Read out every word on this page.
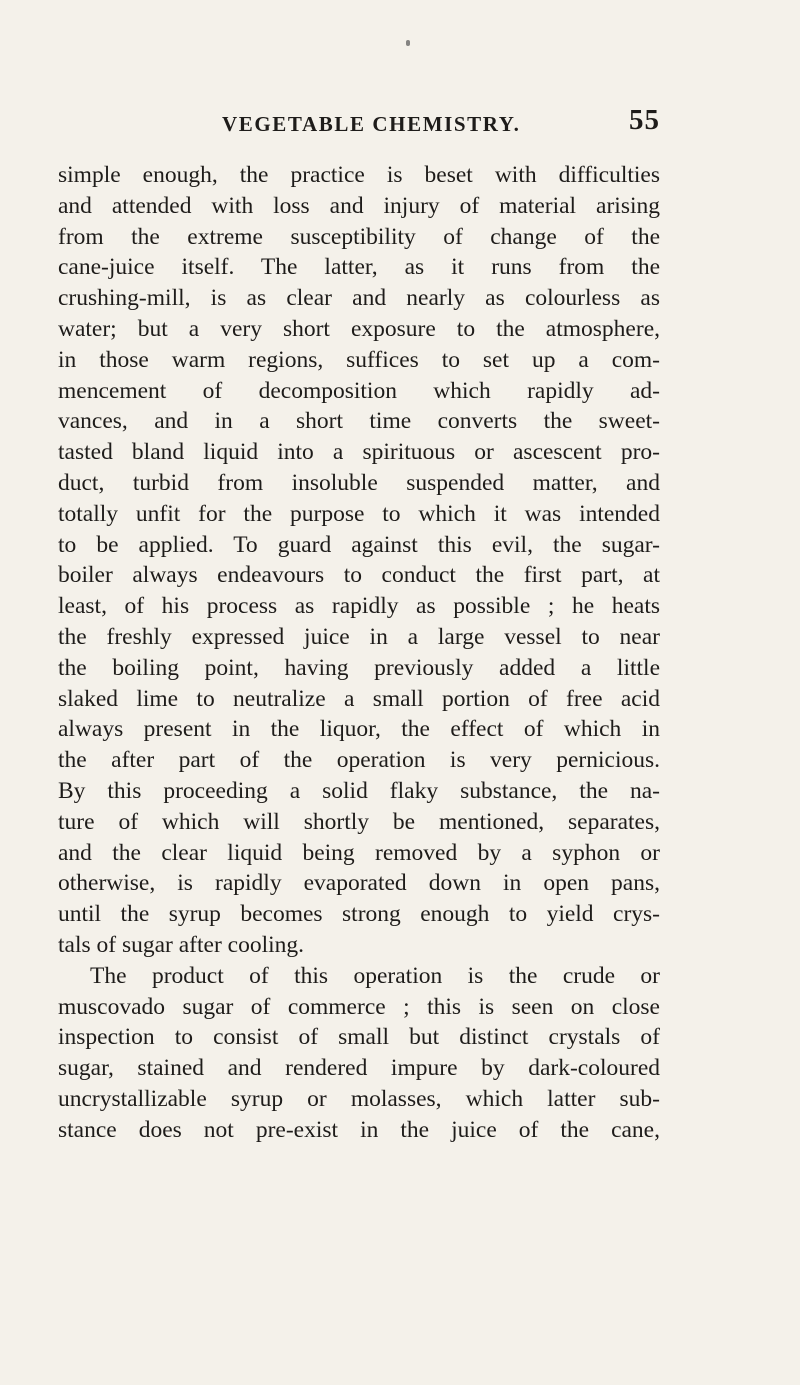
VEGETABLE CHEMISTRY.	55
simple enough, the practice is beset with difficulties
and attended with loss and injury of material arising
from the extreme susceptibility of change of the
cane-juice itself. The latter, as it runs from the
crushing-mill, is as clear and nearly as colourless as
water; but a very short exposure to the atmosphere,
in those warm regions, suffices to set up a com-
mencement of decomposition which rapidly ad-
vances, and in a short time converts the sweet-
tasted bland liquid into a spirituous or ascescent pro-
duct, turbid from insoluble suspended matter, and
totally unfit for the purpose to which it was intended
to be applied. To guard against this evil, the sugar-
boiler always endeavours to conduct the first part, at
least, of his process as rapidly as possible ; he heats
the freshly expressed juice in a large vessel to near
the boiling point, having previously added a little
slaked lime to neutralize a small portion of free acid
always present in the liquor, the effect of which in
the after part of the operation is very pernicious.
By this proceeding a solid flaky substance, the na-
ture of which will shortly be mentioned, separates,
and the clear liquid being removed by a syphon or
otherwise, is rapidly evaporated down in open pans,
until the syrup becomes strong enough to yield crys-
tals of sugar after cooling.
The product of this operation is the crude or
muscovado sugar of commerce ; this is seen on close
inspection to consist of small but distinct crystals of
sugar, stained and rendered impure by dark-coloured
uncrystallizable syrup or molasses, which latter sub-
stance does not pre-exist in the juice of the cane,
